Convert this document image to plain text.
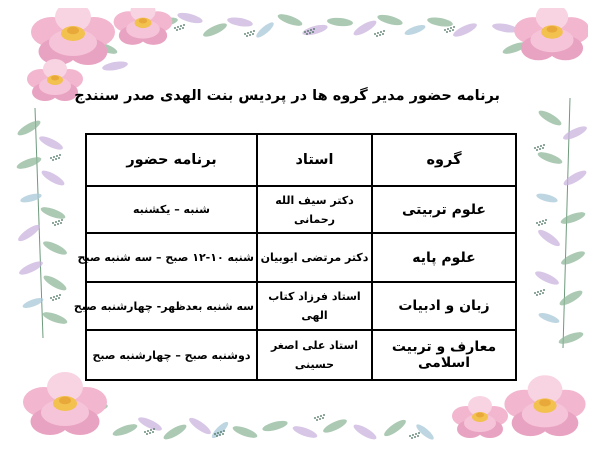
برنامه حضور مدیر گروه ها در پردیس بنت الهدی صدر سنندج
گروه	استاد	برنامه حضور
علوم تربیتی	دکتر سیف الله رحمانی	شنبه – یکشنبه
علوم پایه	دکتر مرتضی ایوبیان	شنبه ۱۰-۱۲ صبح – سه شنبه صبح
زبان و ادبیات	استاد فرزاد کتاب الهی	سه شنبه بعدظهر- چهارشنبه صبح
معارف و تربیت اسلامی	استاد علی اصغر حسینی	دوشنبه صبح – چهارشنبه صبح
